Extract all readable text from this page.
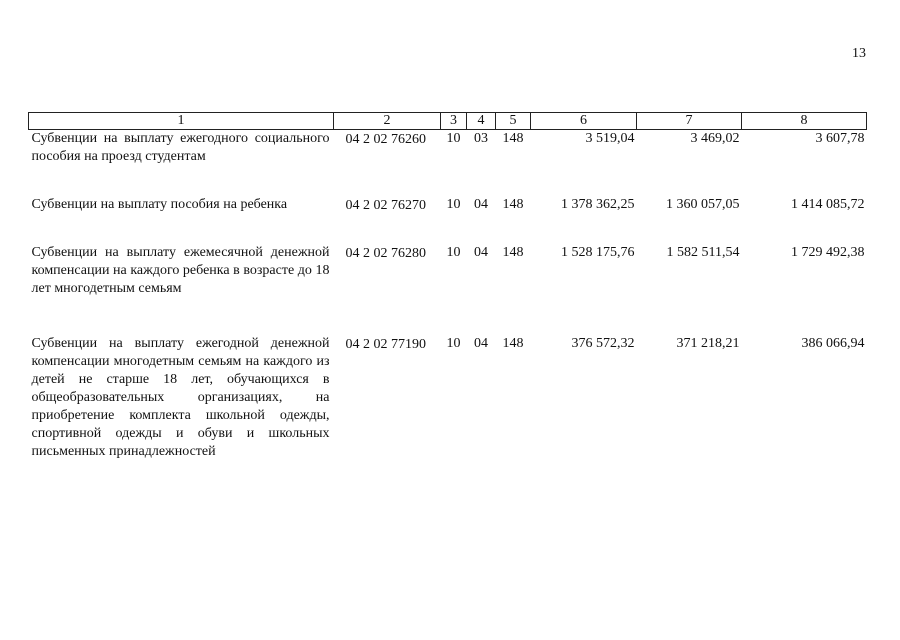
13
1	2	3	4	5	6	7	8
Субвенции на выплату ежегодного социального пособия на проезд студентам	04 2 02 76260	10	03	148	3 519,04	3 469,02	3 607,78
Субвенции на выплату пособия на ребенка	04 2 02 76270	10	04	148	1 378 362,25	1 360 057,05	1 414 085,72
Субвенции на выплату ежемесячной денежной компенсации на каждого ребенка в возрасте до 18 лет многодетным семьям	04 2 02 76280	10	04	148	1 528 175,76	1 582 511,54	1 729 492,38
Субвенции на выплату ежегодной денежной компенсации многодетным семьям на каждого из детей не старше 18 лет, обучающихся в общеобразовательных организациях, на приобретение комплекта школьной одежды, спортивной одежды и обуви и школьных письменных принадлежностей	04 2 02 77190	10	04	148	376 572,32	371 218,21	386 066,94
